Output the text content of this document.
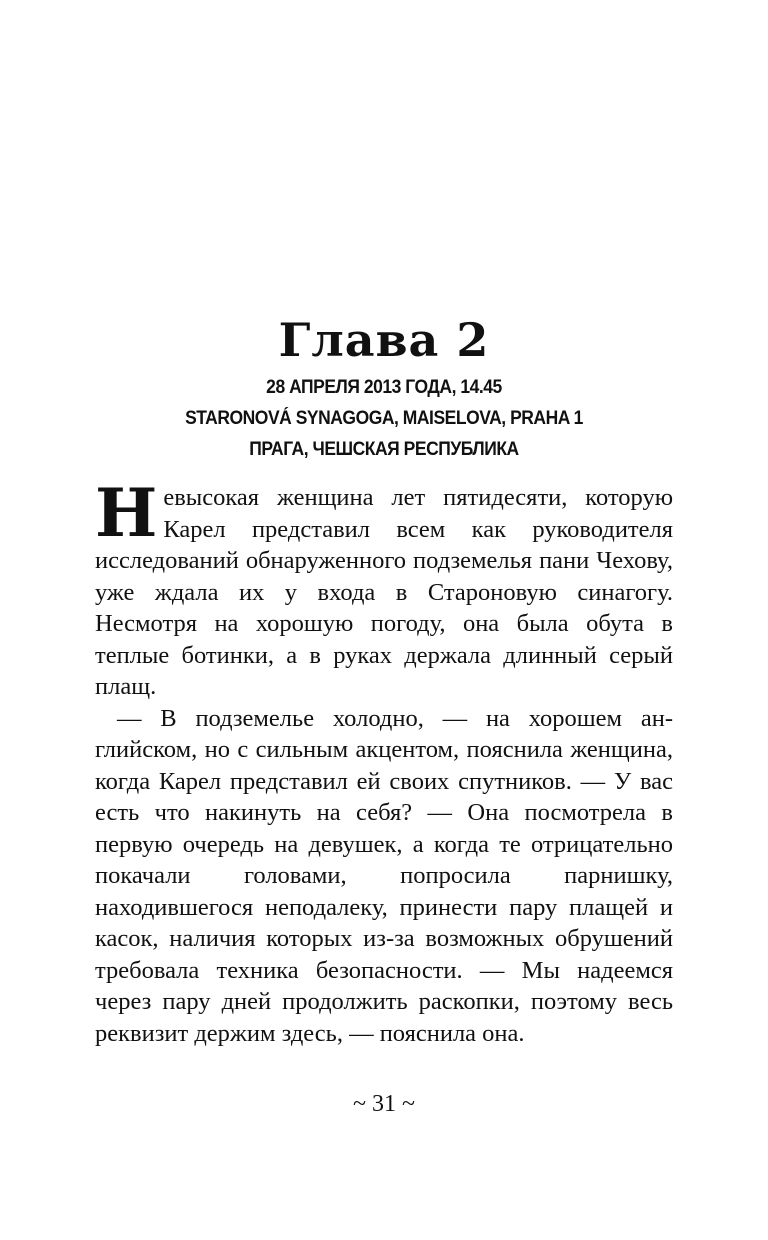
Глава 2
28 АПРЕЛЯ 2013 ГОДА, 14.45
STARONOVÁ SYNAGOGA, MAISELOVA, PRAHA 1
ПРАГА, ЧЕШСКАЯ РЕСПУБЛИКА

Невысокая женщина лет пятидесяти, которую Карел представил всем как руководителя исследований обнаруженного подземелья пани Чехову, уже ждала их у входа в Староновую синагогу. Несмотря на хорошую погоду, она была обута в теплые ботинки, а в руках держала длинный серый плащ.

— В подземелье холодно, — на хорошем английском, но с сильным акцентом, пояснила женщина, когда Карел представил ей своих спутников. — У вас есть что накинуть на себя? — Она посмотрела в первую очередь на девушек, а когда те отрицательно покачали головами, попросила парнишку, находившегося неподалеку, принести пару плащей и касок, наличия которых из-за возможных обрушений требовала техника безопасности. — Мы надеемся через пару дней продолжить раскопки, поэтому весь реквизит держим здесь, — пояснила она.

~ 31 ~
